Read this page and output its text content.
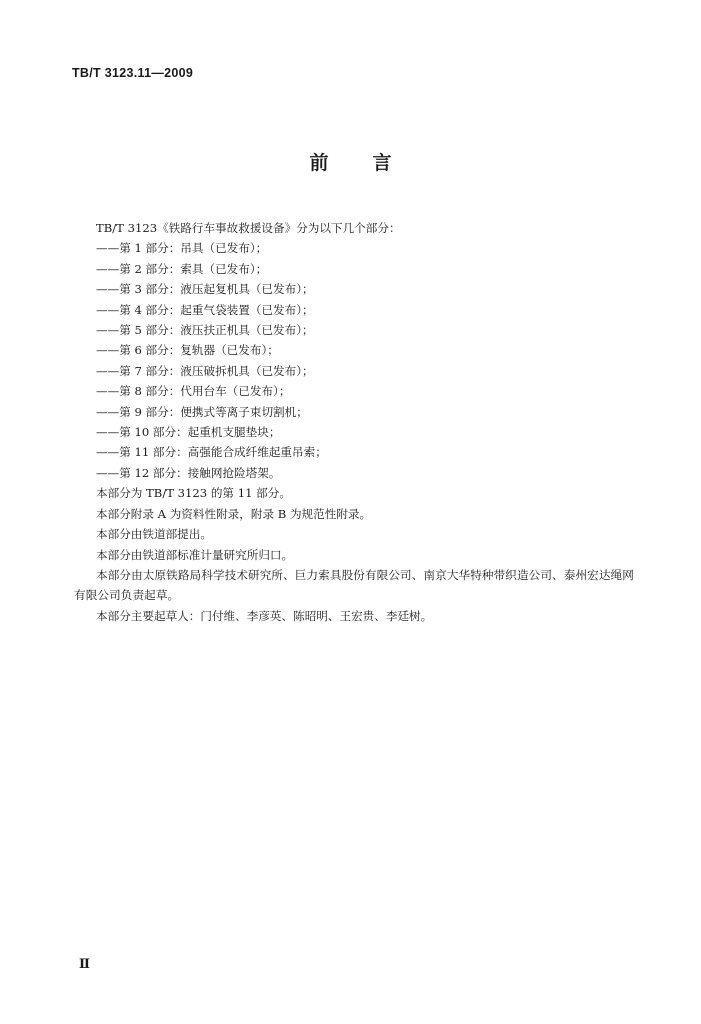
TB/T 3123.11—2009
前言
TB/T 3123《铁路行车事故救援设备》分为以下几个部分：
——第 1 部分：吊具（已发布）；
——第 2 部分：索具（已发布）；
——第 3 部分：液压起复机具（已发布）；
——第 4 部分：起重气袋装置（已发布）；
——第 5 部分：液压扶正机具（已发布）；
——第 6 部分：复轨器（已发布）；
——第 7 部分：液压破拆机具（已发布）；
——第 8 部分：代用台车（已发布）；
——第 9 部分：便携式等离子束切割机；
——第 10 部分：起重机支腿垫块；
——第 11 部分：高强能合成纤维起重吊索；
——第 12 部分：接触网抢险塔架。
本部分为 TB/T 3123 的第 11 部分。
本部分附录 A 为资料性附录，附录 B 为规范性附录。
本部分由铁道部提出。
本部分由铁道部标准计量研究所归口。
本部分由太原铁路局科学技术研究所、巨力索具股份有限公司、南京大华特种带织造公司、泰州宏达绳网有限公司负责起草。
本部分主要起草人：门付维、李彦英、陈昭明、王宏贵、李廷树。
Ⅱ
